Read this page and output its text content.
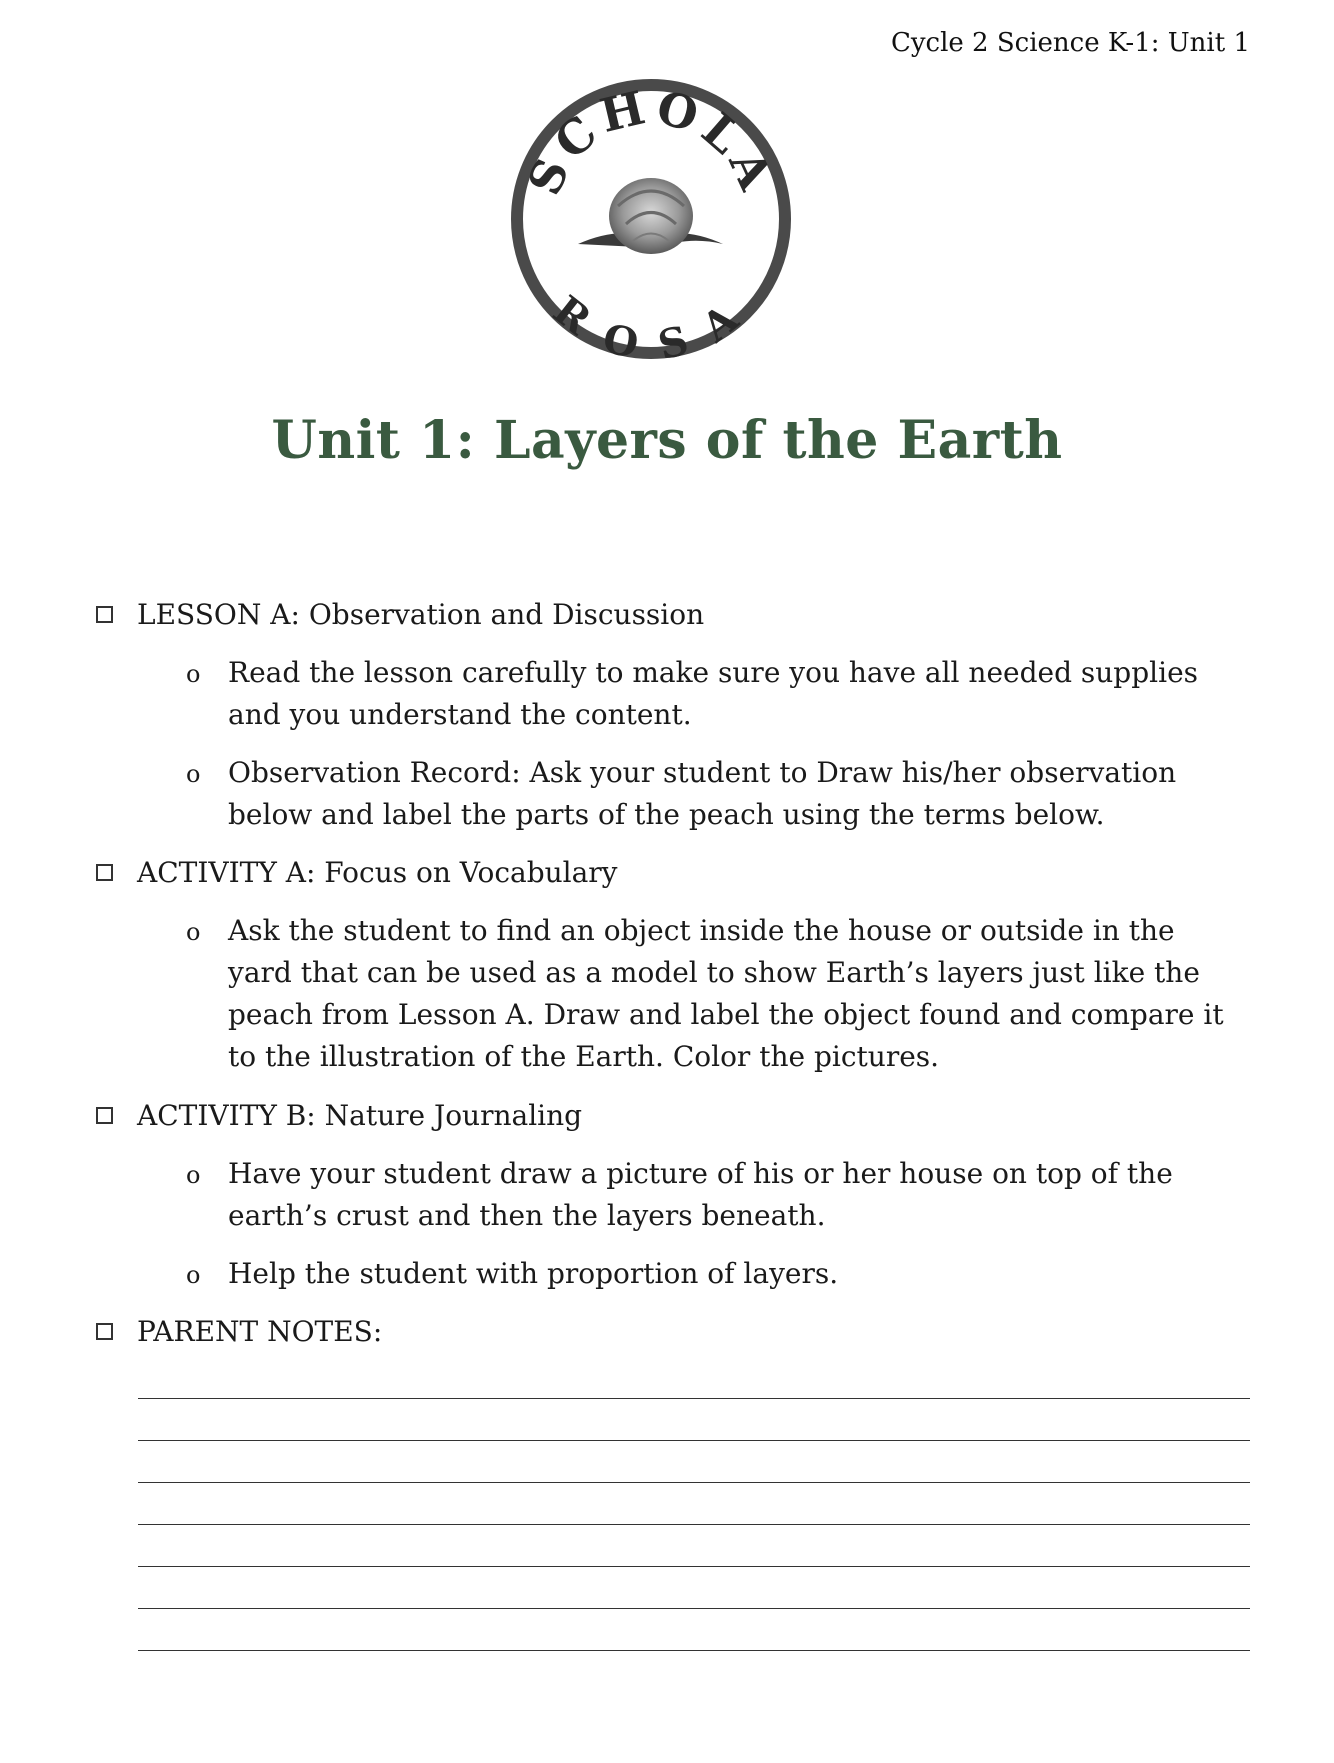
Cycle 2 Science K-1: Unit 1
SCHOLA
ROSA
Unit 1: Layers of the Earth
LESSON A: Observation and Discussion
o Read the lesson carefully to make sure you have all needed supplies and you understand the content.
o Observation Record: Ask your student to Draw his/her observation below and label the parts of the peach using the terms below.
ACTIVITY A: Focus on Vocabulary
o Ask the student to find an object inside the house or outside in the yard that can be used as a model to show Earth’s layers just like the peach from Lesson A. Draw and label the object found and compare it to the illustration of the Earth. Color the pictures.
ACTIVITY B: Nature Journaling
o Have your student draw a picture of his or her house on top of the earth’s crust and then the layers beneath.
o Help the student with proportion of layers.
PARENT NOTES:
